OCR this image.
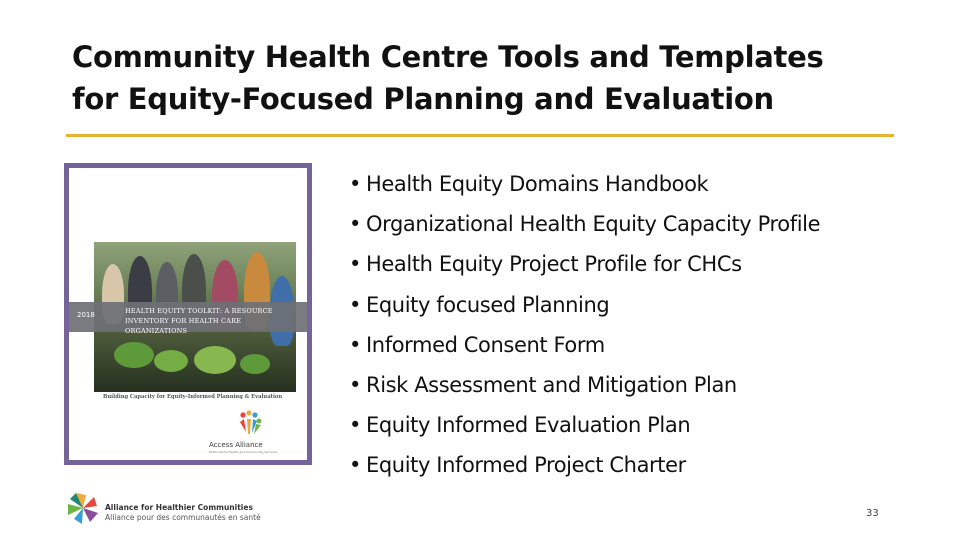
Community Health Centre Tools and Templates
for Equity-Focused Planning and Evaluation
2018	HEALTH EQUITY TOOLKIT: A RESOURCE
INVENTORY FOR HEALTH CARE ORGANIZATIONS
Building Capacity for Equity-Informed Planning & Evaluation
Access Alliance
Multicultural Health and Community Services
• Health Equity Domains Handbook
• Organizational Health Equity Capacity Profile
• Health Equity Project Profile for CHCs
• Equity focused Planning
• Informed Consent Form
• Risk Assessment and Mitigation Plan
• Equity Informed Evaluation Plan
• Equity Informed Project Charter
Alliance for Healthier Communities
Alliance pour des communautés en santé	33
